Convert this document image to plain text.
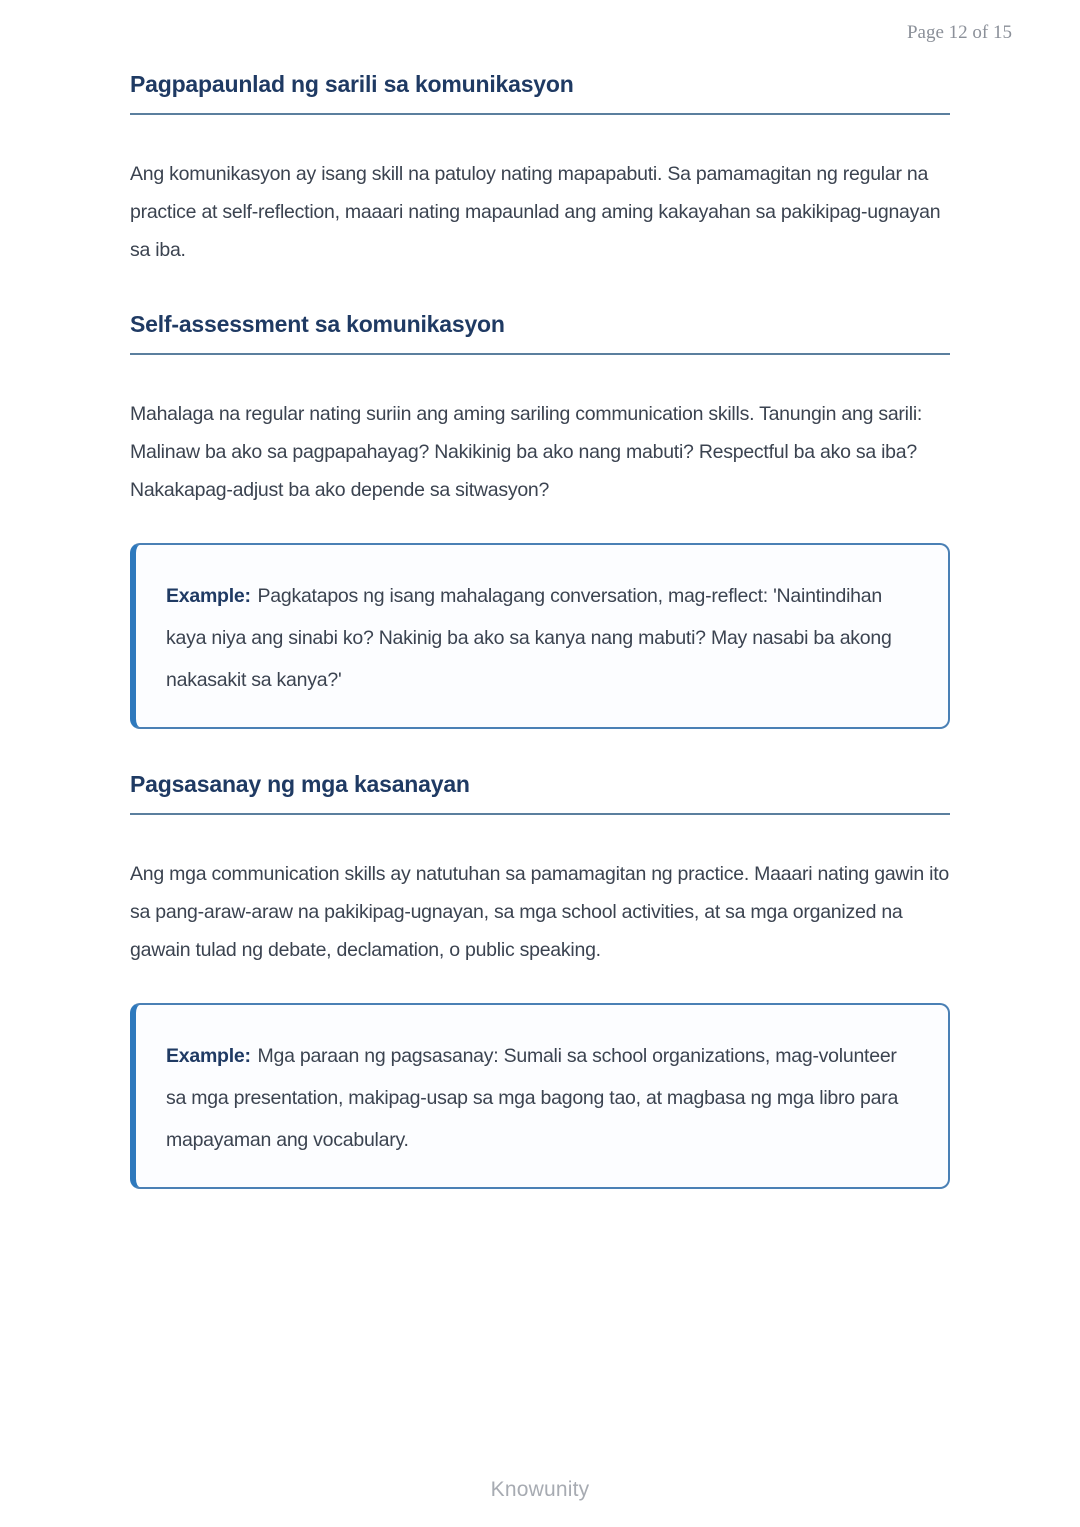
Page 12 of 15
Pagpapaunlad ng sarili sa komunikasyon

Ang komunikasyon ay isang skill na patuloy nating mapapabuti. Sa pamamagitan ng regular na practice at self-reflection, maaari nating mapaunlad ang aming kakayahan sa pakikipag-ugnayan sa iba.

Self-assessment sa komunikasyon

Mahalaga na regular nating suriin ang aming sariling communication skills. Tanungin ang sarili: Malinaw ba ako sa pagpapahayag? Nakikinig ba ako nang mabuti? Respectful ba ako sa iba? Nakakapag-adjust ba ako depende sa sitwasyon?

Example: Pagkatapos ng isang mahalagang conversation, mag-reflect: 'Naintindihan kaya niya ang sinabi ko? Nakinig ba ako sa kanya nang mabuti? May nasabi ba akong nakasakit sa kanya?'

Pagsasanay ng mga kasanayan

Ang mga communication skills ay natutuhan sa pamamagitan ng practice. Maaari nating gawin ito sa pang-araw-araw na pakikipag-ugnayan, sa mga school activities, at sa mga organized na gawain tulad ng debate, declamation, o public speaking.

Example: Mga paraan ng pagsasanay: Sumali sa school organizations, mag-volunteer sa mga presentation, makipag-usap sa mga bagong tao, at magbasa ng mga libro para mapayaman ang vocabulary.

Knowunity
